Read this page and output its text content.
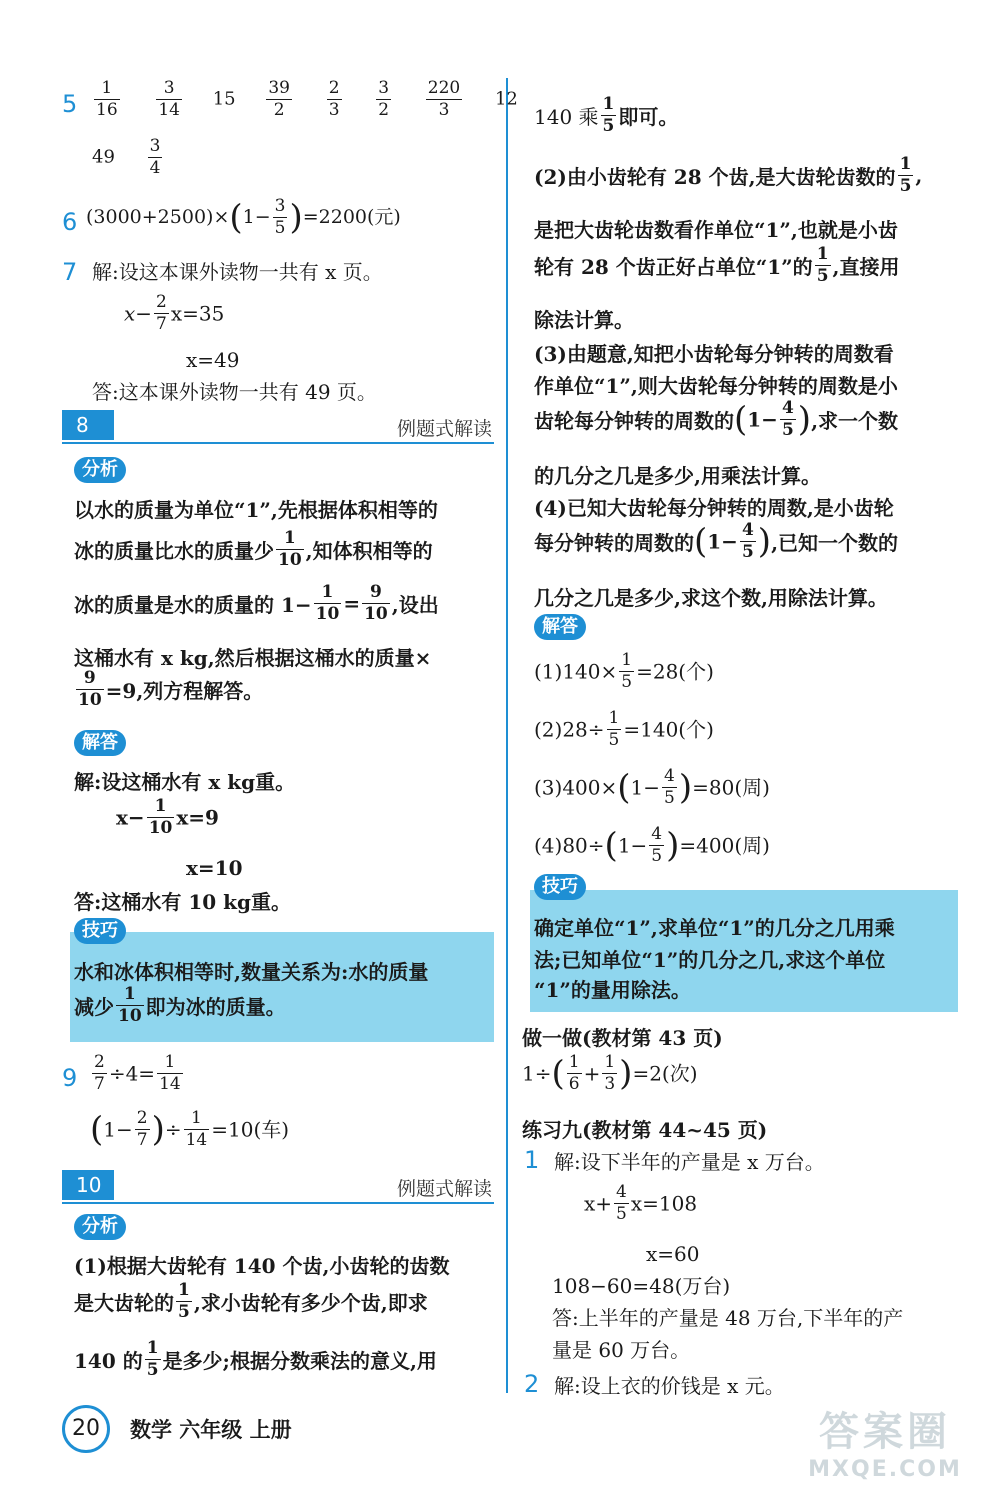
$5 \frac{1}{16}$
$\frac{3}{14} 15 \frac{39}{2}$
$\frac{2}{3}$
$\frac{3}{2}$
$\frac{220}{3} 12$
$49 \frac{3}{4}$
6 $(3000+2500)\times(1- \frac{3}{5} )=2200$(元)
7 解:设这本课外读物一共有 x 页。
$x- \frac{2}{7} x=35$
x=49
答:这本课外读物一共有 49 页。
8	例题式解读
分析
以水的质量为单位“1”,先根据体积相等的
冰的质量比水的质量少 $\frac{1}{10}$ ,知体积相等的
冰的质量是水的质量的 $1- \frac{1}{10} = \frac{9}{10}$ ,设出
这桶水有 x kg,然后根据这桶水的质量×
$\frac{9}{10} =9$,列方程解答。
解答
解:设这桶水有 x kg重。
$x- \frac{1}{10} x=9$
x=10
答:这桶水有 10 kg重。
技巧
水和冰体积相等时,数量关系为:水的质量
减少 $\frac{1}{10}$ 即为冰的质量。
$9 \frac{2}{7} \div 4= \frac{1}{14}$
($1- \frac{2}{7}$ )÷ $\frac{1}{14} =10$(车)
10	例题式解读
分析
(1)根据大齿轮有 140 个齿,小齿轮的齿数
是大齿轮的 $\frac{1}{5}$ ,求小齿轮有多少个齿,即求
140 的 $\frac{1}{5}$ 是多少;根据分数乘法的意义,用
140 乘 $\frac{1}{5}$ 即可。
(2)由小齿轮有 28 个齿,是大齿轮齿数的 $\frac{1}{5}$ ,
是把大齿轮齿数看作单位“1”,也就是小齿
轮有 28 个齿正好占单位“1”的 $\frac{1}{5}$ ,直接用
除法计算。
(3)由题意,知把小齿轮每分钟转的周数看
作单位“1”,则大齿轮每分钟转的周数是小
齿轮每分钟转的周数的($1- \frac{4}{5}$ ),求一个数
的几分之几是多少,用乘法计算。
(4)已知大齿轮每分钟转的周数,是小齿轮
每分钟转的周数的($1- \frac{4}{5}$ ),已知一个数的
几分之几是多少,求这个数,用除法计算。
解答
$(1)140\times \frac{1}{5} =28$(个)
$(2)28\div \frac{1}{5} =140$(个)
$(3)400\times(1- \frac{4}{5} )=80$(周)
$(4)80\div(1- \frac{4}{5} )=400$(周)
技巧
确定单位“1”,求单位“1”的几分之几用乘
法;已知单位“1”的几分之几,求这个单位
“1”的量用除法。
做一做(教材第 43 页)
$1\div( \frac{1}{6} + \frac{1}{3} )=2$(次)
练习九(教材第 44~45 页)
1 解:设下半年的产量是 x 万台。
$x+ \frac{4}{5} x=108$
x=60
108−60=48(万台)
答:上半年的产量是 48 万台,下半年的产
量是 60 万台。
2 解:设上衣的价钱是 x 元。
20	数学 六年级 上册	答案圈
MXQE.COM
